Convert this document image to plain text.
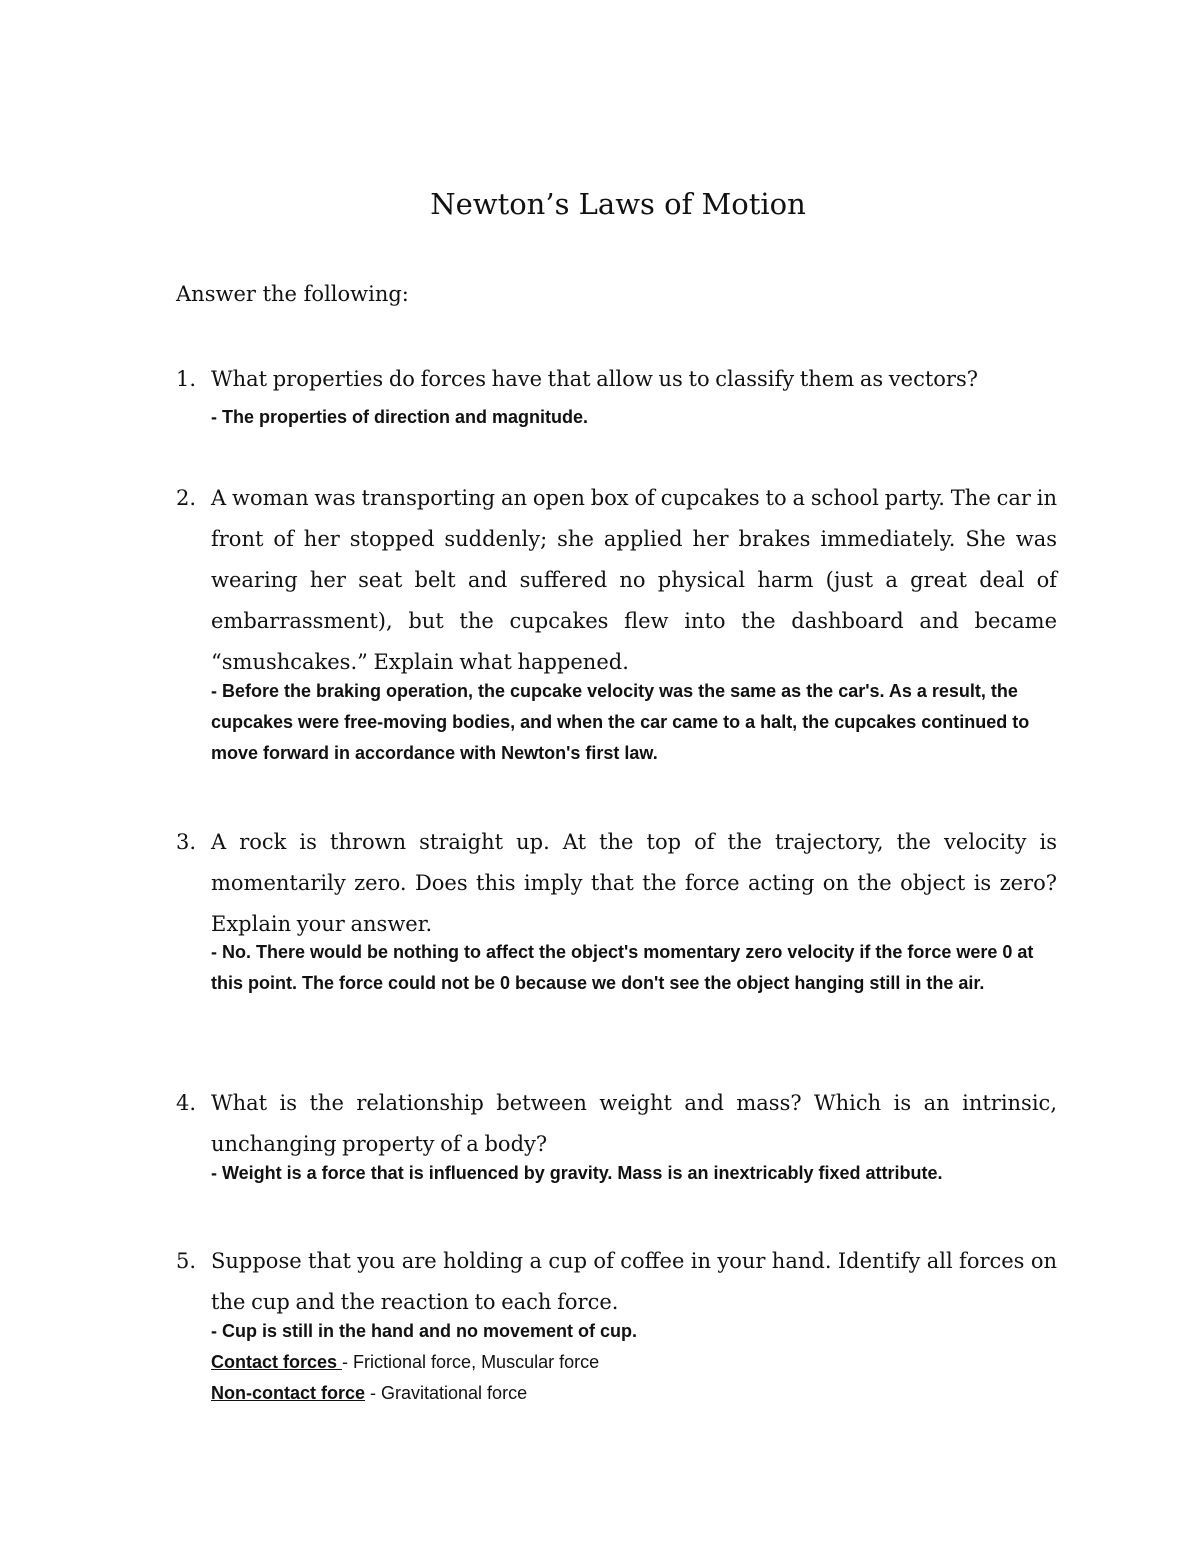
Newton’s Laws of Motion

Answer the following:

1. What properties do forces have that allow us to classify them as vectors?

- The properties of direction and magnitude.

2. A woman was transporting an open box of cupcakes to a school party. The car in front of her stopped suddenly; she applied her brakes immediately. She was wearing her seat belt and suffered no physical harm (just a great deal of embarrassment), but the cupcakes flew into the dashboard and became “smushcakes.” Explain what happened.

- Before the braking operation, the cupcake velocity was the same as the car's. As a result, the cupcakes were free-moving bodies, and when the car came to a halt, the cupcakes continued to move forward in accordance with Newton's first law.

3. A rock is thrown straight up. At the top of the trajectory, the velocity is momentarily zero. Does this imply that the force acting on the object is zero? Explain your answer.

- No. There would be nothing to affect the object's momentary zero velocity if the force were 0 at this point. The force could not be 0 because we don't see the object hanging still in the air.

4. What is the relationship between weight and mass? Which is an intrinsic, unchanging property of a body?

- Weight is a force that is influenced by gravity. Mass is an inextricably fixed attribute.

5. Suppose that you are holding a cup of coffee in your hand. Identify all forces on the cup and the reaction to each force.

- Cup is still in the hand and no movement of cup.

Contact forces - Frictional force, Muscular force

Non-contact force - Gravitational force
